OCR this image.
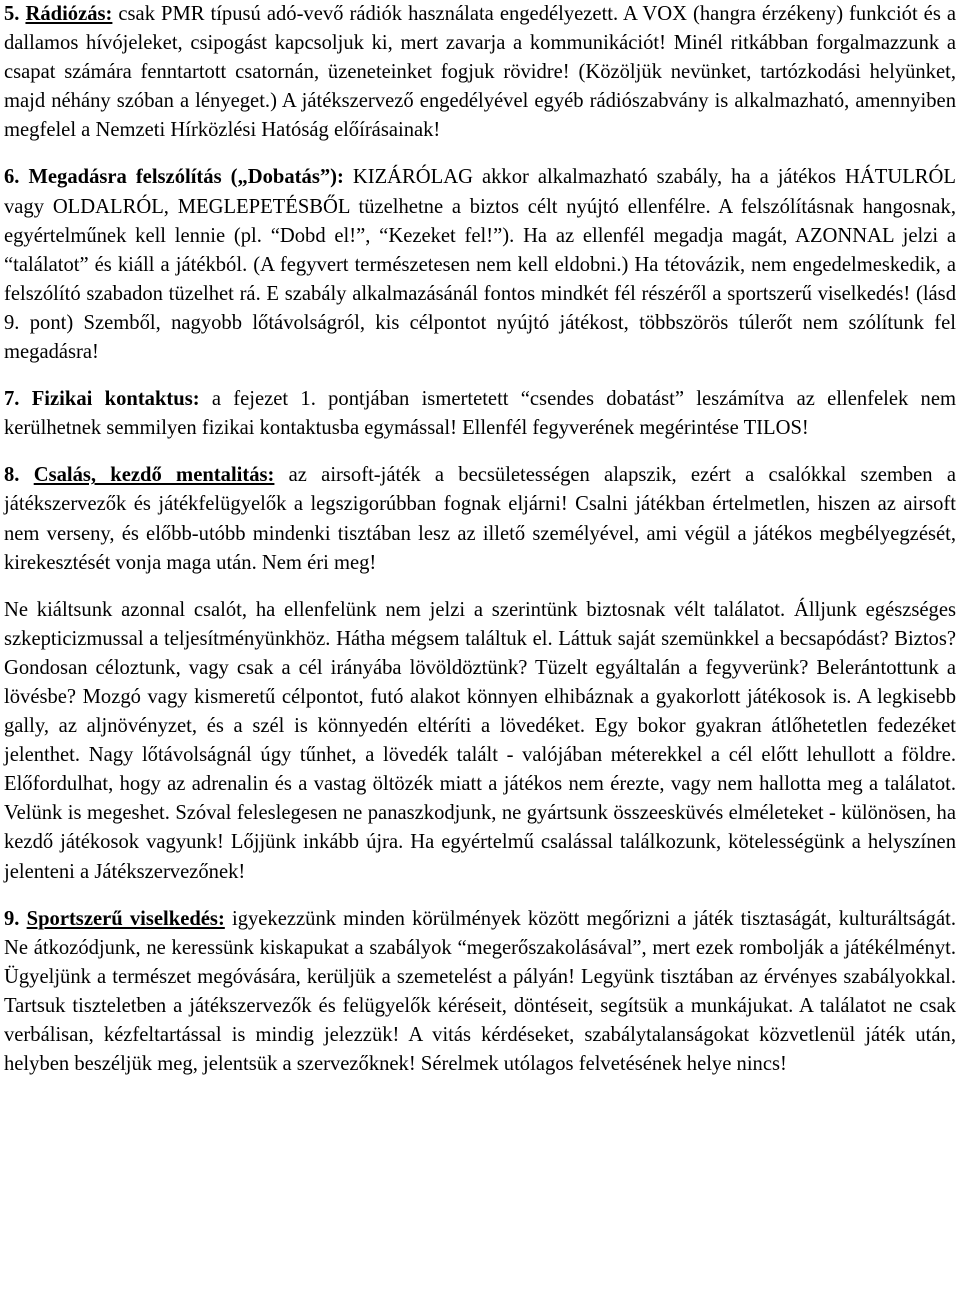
5. Rádiózás: csak PMR típusú adó-vevő rádiók használata engedélyezett. A VOX (hangra érzékeny) funkciót és a dallamos hívójeleket, csipogást kapcsoljuk ki, mert zavarja a kommunikációt! Minél ritkábban forgalmazzunk a csapat számára fenntartott csatornán, üzeneteinket fogjuk rövidre! (Közöljük nevünket, tartózkodási helyünket, majd néhány szóban a lényeget.) A játékszervező engedélyével egyéb rádiószabvány is alkalmazható, amennyiben megfelel a Nemzeti Hírközlési Hatóság előírásainak!

6. Megadásra felszólítás („Dobatás”): KIZÁRÓLAG akkor alkalmazható szabály, ha a játékos HÁTULRÓL vagy OLDALRÓL, MEGLEPETÉSBŐL tüzelhetne a biztos célt nyújtó ellenfélre. A felszólításnak hangosnak, egyértelműnek kell lennie (pl. “Dobd el!”, “Kezeket fel!”). Ha az ellenfél megadja magát, AZONNAL jelzi a “találatot” és kiáll a játékból. (A fegyvert természetesen nem kell eldobni.) Ha tétovázik, nem engedelmeskedik, a felszólító szabadon tüzelhet rá. E szabály alkalmazásánál fontos mindkét fél részéről a sportszerű viselkedés! (lásd 9. pont) Szemből, nagyobb lőtávolságról, kis célpontot nyújtó játékost, többszörös túlerőt nem szólítunk fel megadásra!

7. Fizikai kontaktus: a fejezet 1. pontjában ismertetett “csendes dobatást” leszámítva az ellenfelek nem kerülhetnek semmilyen fizikai kontaktusba egymással! Ellenfél fegyverének megérintése TILOS!

8. Csalás, kezdő mentalitás: az airsoft-játék a becsületességen alapszik, ezért a csalókkal szemben a játékszervezők és játékfelügyelők a legszigorúbban fognak eljárni! Csalni játékban értelmetlen, hiszen az airsoft nem verseny, és előbb-utóbb mindenki tisztában lesz az illető személyével, ami végül a játékos megbélyegzését, kirekesztését vonja maga után. Nem éri meg!

Ne kiáltsunk azonnal csalót, ha ellenfelünk nem jelzi a szerintünk biztosnak vélt találatot. Álljunk egészséges szkepticizmussal a teljesítményünkhöz. Hátha mégsem találtuk el. Láttuk saját szemünkkel a becsapódást? Biztos? Gondosan céloztunk, vagy csak a cél irányába lövöldöztünk? Tüzelt egyáltalán a fegyverünk? Belerántottunk a lövésbe? Mozgó vagy kismeretű célpontot, futó alakot könnyen elhibáznak a gyakorlott játékosok is. A legkisebb gally, az aljnövényzet, és a szél is könnyedén eltéríti a lövedéket. Egy bokor gyakran átlőhetetlen fedezéket jelenthet. Nagy lőtávolságnál úgy tűnhet, a lövedék talált - valójában méterekkel a cél előtt lehullott a földre. Előfordulhat, hogy az adrenalin és a vastag öltözék miatt a játékos nem érezte, vagy nem hallotta meg a találatot. Velünk is megeshet. Szóval feleslegesen ne panaszkodjunk, ne gyártsunk összeesküvés elméleteket - különösen, ha kezdő játékosok vagyunk! Lőjjünk inkább újra. Ha egyértelmű csalással találkozunk, kötelességünk a helyszínen jelenteni a Játékszervezőnek!

9. Sportszerű viselkedés: igyekezzünk minden körülmények között megőrizni a játék tisztaságát, kulturáltságát. Ne átkozódjunk, ne keressünk kiskapukat a szabályok “megerőszakolásával”, mert ezek rombolják a játékélményt. Ügyeljünk a természet megóvására, kerüljük a szemetelést a pályán! Legyünk tisztában az érvényes szabályokkal. Tartsuk tiszteletben a játékszervezők és felügyelők kéréseit, döntéseit, segítsük a munkájukat. A találatot ne csak verbálisan, kézfeltartással is mindig jelezzük! A vitás kérdéseket, szabálytalanságokat közvetlenül játék után, helyben beszéljük meg, jelentsük a szervezőknek! Sérelmek utólagos felvetésének helye nincs!
